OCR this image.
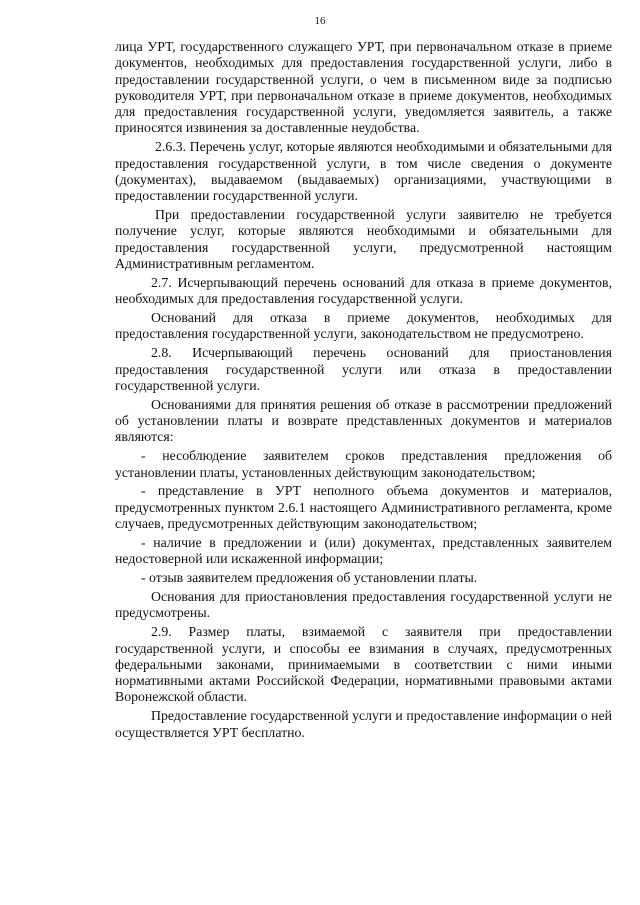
16

лица УРТ, государственного служащего УРТ, при первоначальном отказе в приеме документов, необходимых для предоставления государственной услуги, либо в предоставлении государственной услуги, о чем в письменном виде за подписью руководителя УРТ, при первоначальном отказе в приеме документов, необходимых для предоставления государственной услуги, уведомляется заявитель, а также приносятся извинения за доставленные неудобства.

2.6.3. Перечень услуг, которые являются необходимыми и обязательными для предоставления государственной услуги, в том числе сведения о документе (документах), выдаваемом (выдаваемых) организациями, участвующими в предоставлении государственной услуги.

При предоставлении государственной услуги заявителю не требуется получение услуг, которые являются необходимыми и обязательными для предоставления государственной услуги, предусмотренной настоящим Административным регламентом.

2.7. Исчерпывающий перечень оснований для отказа в приеме документов, необходимых для предоставления государственной услуги.

Оснований для отказа в приеме документов, необходимых для предоставления государственной услуги, законодательством не предусмотрено.

2.8. Исчерпывающий перечень оснований для приостановления предоставления государственной услуги или отказа в предоставлении государственной услуги.

Основаниями для принятия решения об отказе в рассмотрении предложений об установлении платы и возврате представленных документов и материалов являются:

- несоблюдение заявителем сроков представления предложения об установлении платы, установленных действующим законодательством;

- представление в УРТ неполного объема документов и материалов, предусмотренных пунктом 2.6.1 настоящего Административного регламента, кроме случаев, предусмотренных действующим законодательством;

- наличие в предложении и (или) документах, представленных заявителем недостоверной или искаженной информации;

- отзыв заявителем предложения об установлении платы.

Основания для приостановления предоставления государственной услуги не предусмотрены.

2.9. Размер платы, взимаемой с заявителя при предоставлении государственной услуги, и способы ее взимания в случаях, предусмотренных федеральными законами, принимаемыми в соответствии с ними иными нормативными актами Российской Федерации, нормативными правовыми актами Воронежской области.

Предоставление государственной услуги и предоставление информации о ней осуществляется УРТ бесплатно.
